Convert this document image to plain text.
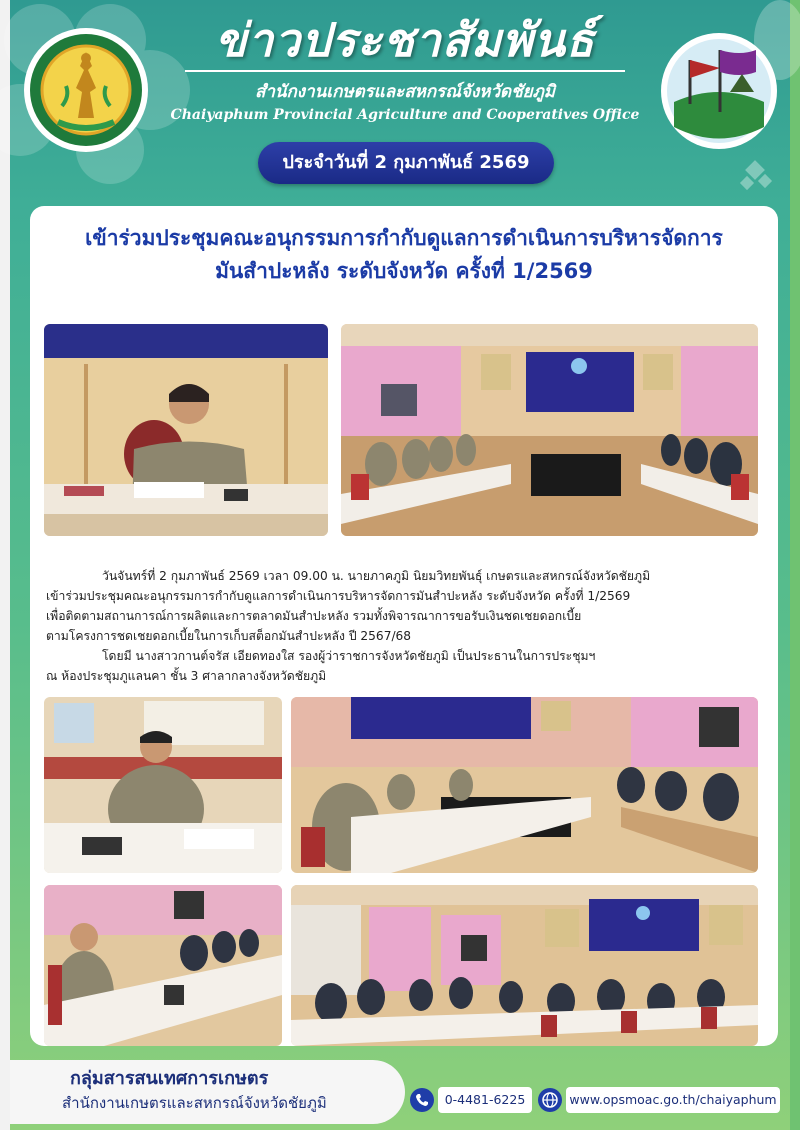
ข่าวประชาสัมพันธ์
สำนักงานเกษตรและสหกรณ์จังหวัดชัยภูมิ
Chaiyaphum Provincial Agriculture and Cooperatives Office
ประจำวันที่ 2 กุมภาพันธ์ 2569
เข้าร่วมประชุมคณะอนุกรรมการกำกับดูแลการดำเนินการบริหารจัดการ
มันสำปะหลัง ระดับจังหวัด ครั้งที่ 1/2569

วันจันทร์ที่ 2 กุมภาพันธ์ 2569 เวลา 09.00 น. นายภาคภูมิ นิยมวิทยพันธุ์ เกษตรและสหกรณ์จังหวัดชัยภูมิ

เข้าร่วมประชุมคณะอนุกรรมการกำกับดูแลการดำเนินการบริหารจัดการมันสำปะหลัง ระดับจังหวัด ครั้งที่ 1/2569

เพื่อติดตามสถานการณ์การผลิตและการตลาดมันสำปะหลัง รวมทั้งพิจารณาการขอรับเงินชดเชยดอกเบี้ย

ตามโครงการชดเชยดอกเบี้ยในการเก็บสต็อกมันสำปะหลัง ปี 2567/68

โดยมี นางสาวกานต์จรัส เอียดทองใส รองผู้ว่าราชการจังหวัดชัยภูมิ เป็นประธานในการประชุมฯ

ณ ห้องประชุมภูแลนคา ชั้น 3 ศาลากลางจังหวัดชัยภูมิ

กลุ่มสารสนเทศการเกษตร
สำนักงานเกษตรและสหกรณ์จังหวัดชัยภูมิ	0-4481-6225	www.opsmoac.go.th/chaiyaphum
